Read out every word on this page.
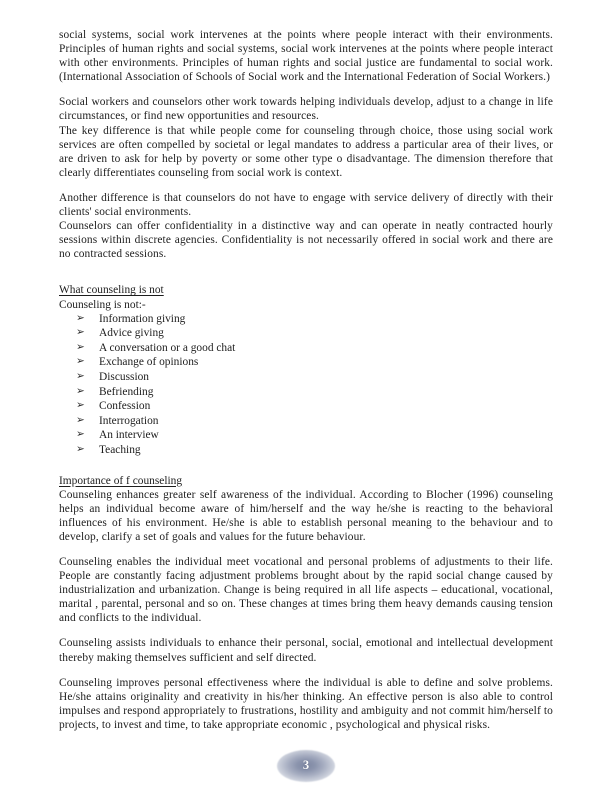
social systems, social work intervenes at the points where people interact with their environments. Principles of human rights and social systems, social work intervenes at the points where people interact with other environments. Principles of human rights and social justice are fundamental to social work. (International Association of Schools of Social work and the International Federation of Social Workers.)

Social workers and counselors other work towards helping individuals develop, adjust to a change in life circumstances, or find new opportunities and resources.

The key difference is that while people come for counseling through choice, those using social work services are often compelled by societal or legal mandates to address a particular area of their lives, or are driven to ask for help by poverty or some other type o disadvantage. The dimension therefore that clearly differentiates counseling from social work is context.

Another difference is that counselors do not have to engage with service delivery of directly with their clients' social environments.

Counselors can offer confidentiality in a distinctive way and can operate in neatly contracted hourly sessions within discrete agencies. Confidentiality is not necessarily offered in social work and there are no contracted sessions.

What counseling is not
Counseling is not:-
➢ Information giving
➢ Advice giving
➢ A conversation or a good chat
➢ Exchange of opinions
➢ Discussion
➢ Befriending
➢ Confession
➢ Interrogation
➢ An interview
➢ Teaching
Importance of f counseling

Counseling enhances greater self awareness of the individual. According to Blocher (1996) counseling helps an individual become aware of him/herself and the way he/she is reacting to the behavioral influences of his environment. He/she is able to establish personal meaning to the behaviour and to develop, clarify a set of goals and values for the future behaviour.

Counseling enables the individual meet vocational and personal problems of adjustments to their life. People are constantly facing adjustment problems brought about by the rapid social change caused by industrialization and urbanization. Change is being required in all life aspects – educational, vocational, marital , parental, personal and so on. These changes at times bring them heavy demands causing tension and conflicts to the individual.

Counseling assists individuals to enhance their personal, social, emotional and intellectual development thereby making themselves sufficient and self directed.

Counseling improves personal effectiveness where the individual is able to define and solve problems. He/she attains originality and creativity in his/her thinking. An effective person is also able to control impulses and respond appropriately to frustrations, hostility and ambiguity and not commit him/herself to projects, to invest and time, to take appropriate economic , psychological and physical risks.

3
